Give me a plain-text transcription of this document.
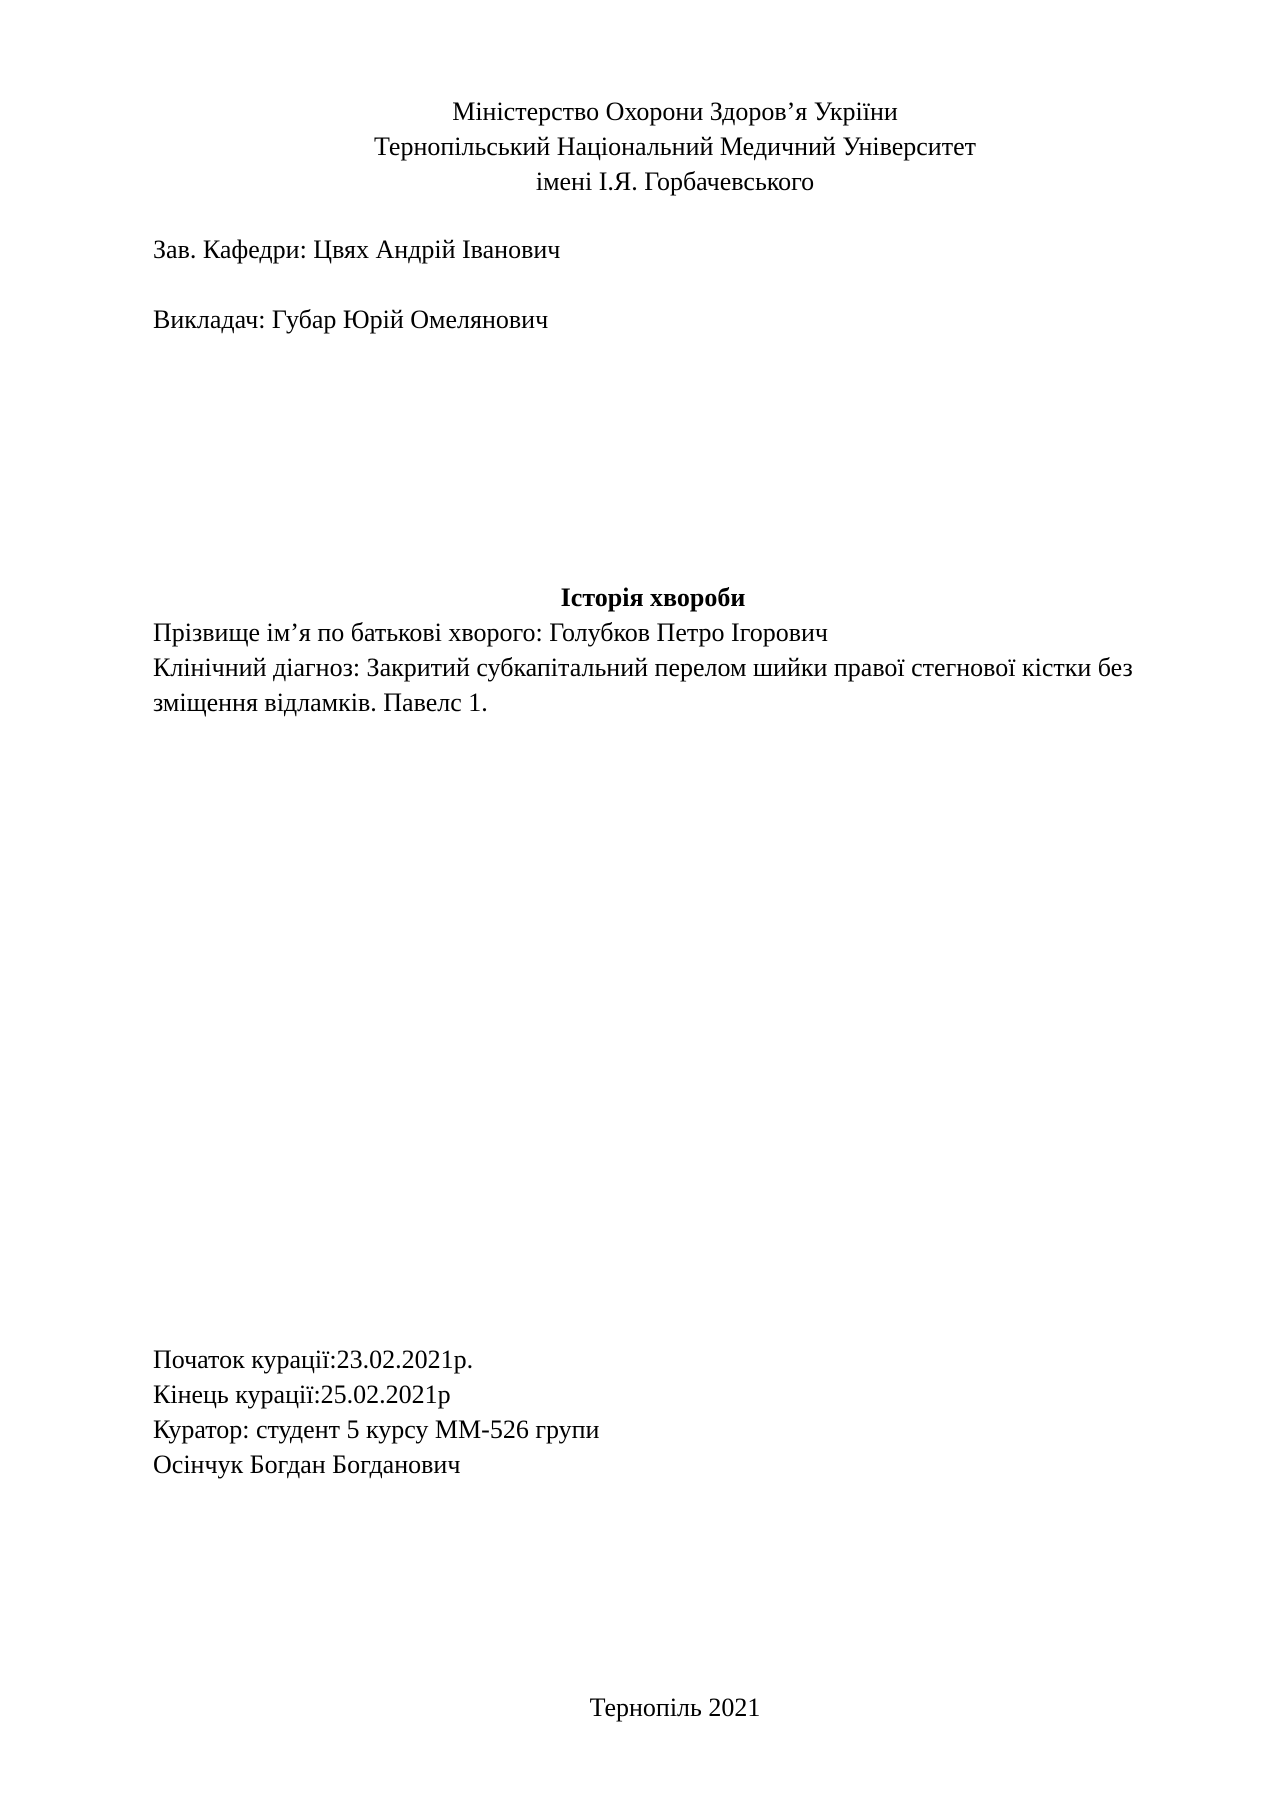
Міністерство Охорони Здоров’я Укріїни
Тернопільський Національний Медичний Університет
імені І.Я. Горбачевського
Зав. Кафедри: Цвях Андрій Іванович
Викладач: Губар Юрій Омелянович
Історія хвороби
Прізвище ім’я по батькові хворого: Голубков Петро Ігорович
Клінічний діагноз: Закритий субкапітальний перелом шийки правої стегнової кістки без зміщення відламків. Павелс 1.
Початок курації:23.02.2021р.
Кінець курації:25.02.2021р
Куратор: студент 5 курсу ММ-526 групи
Осінчук Богдан Богданович
Тернопіль 2021
